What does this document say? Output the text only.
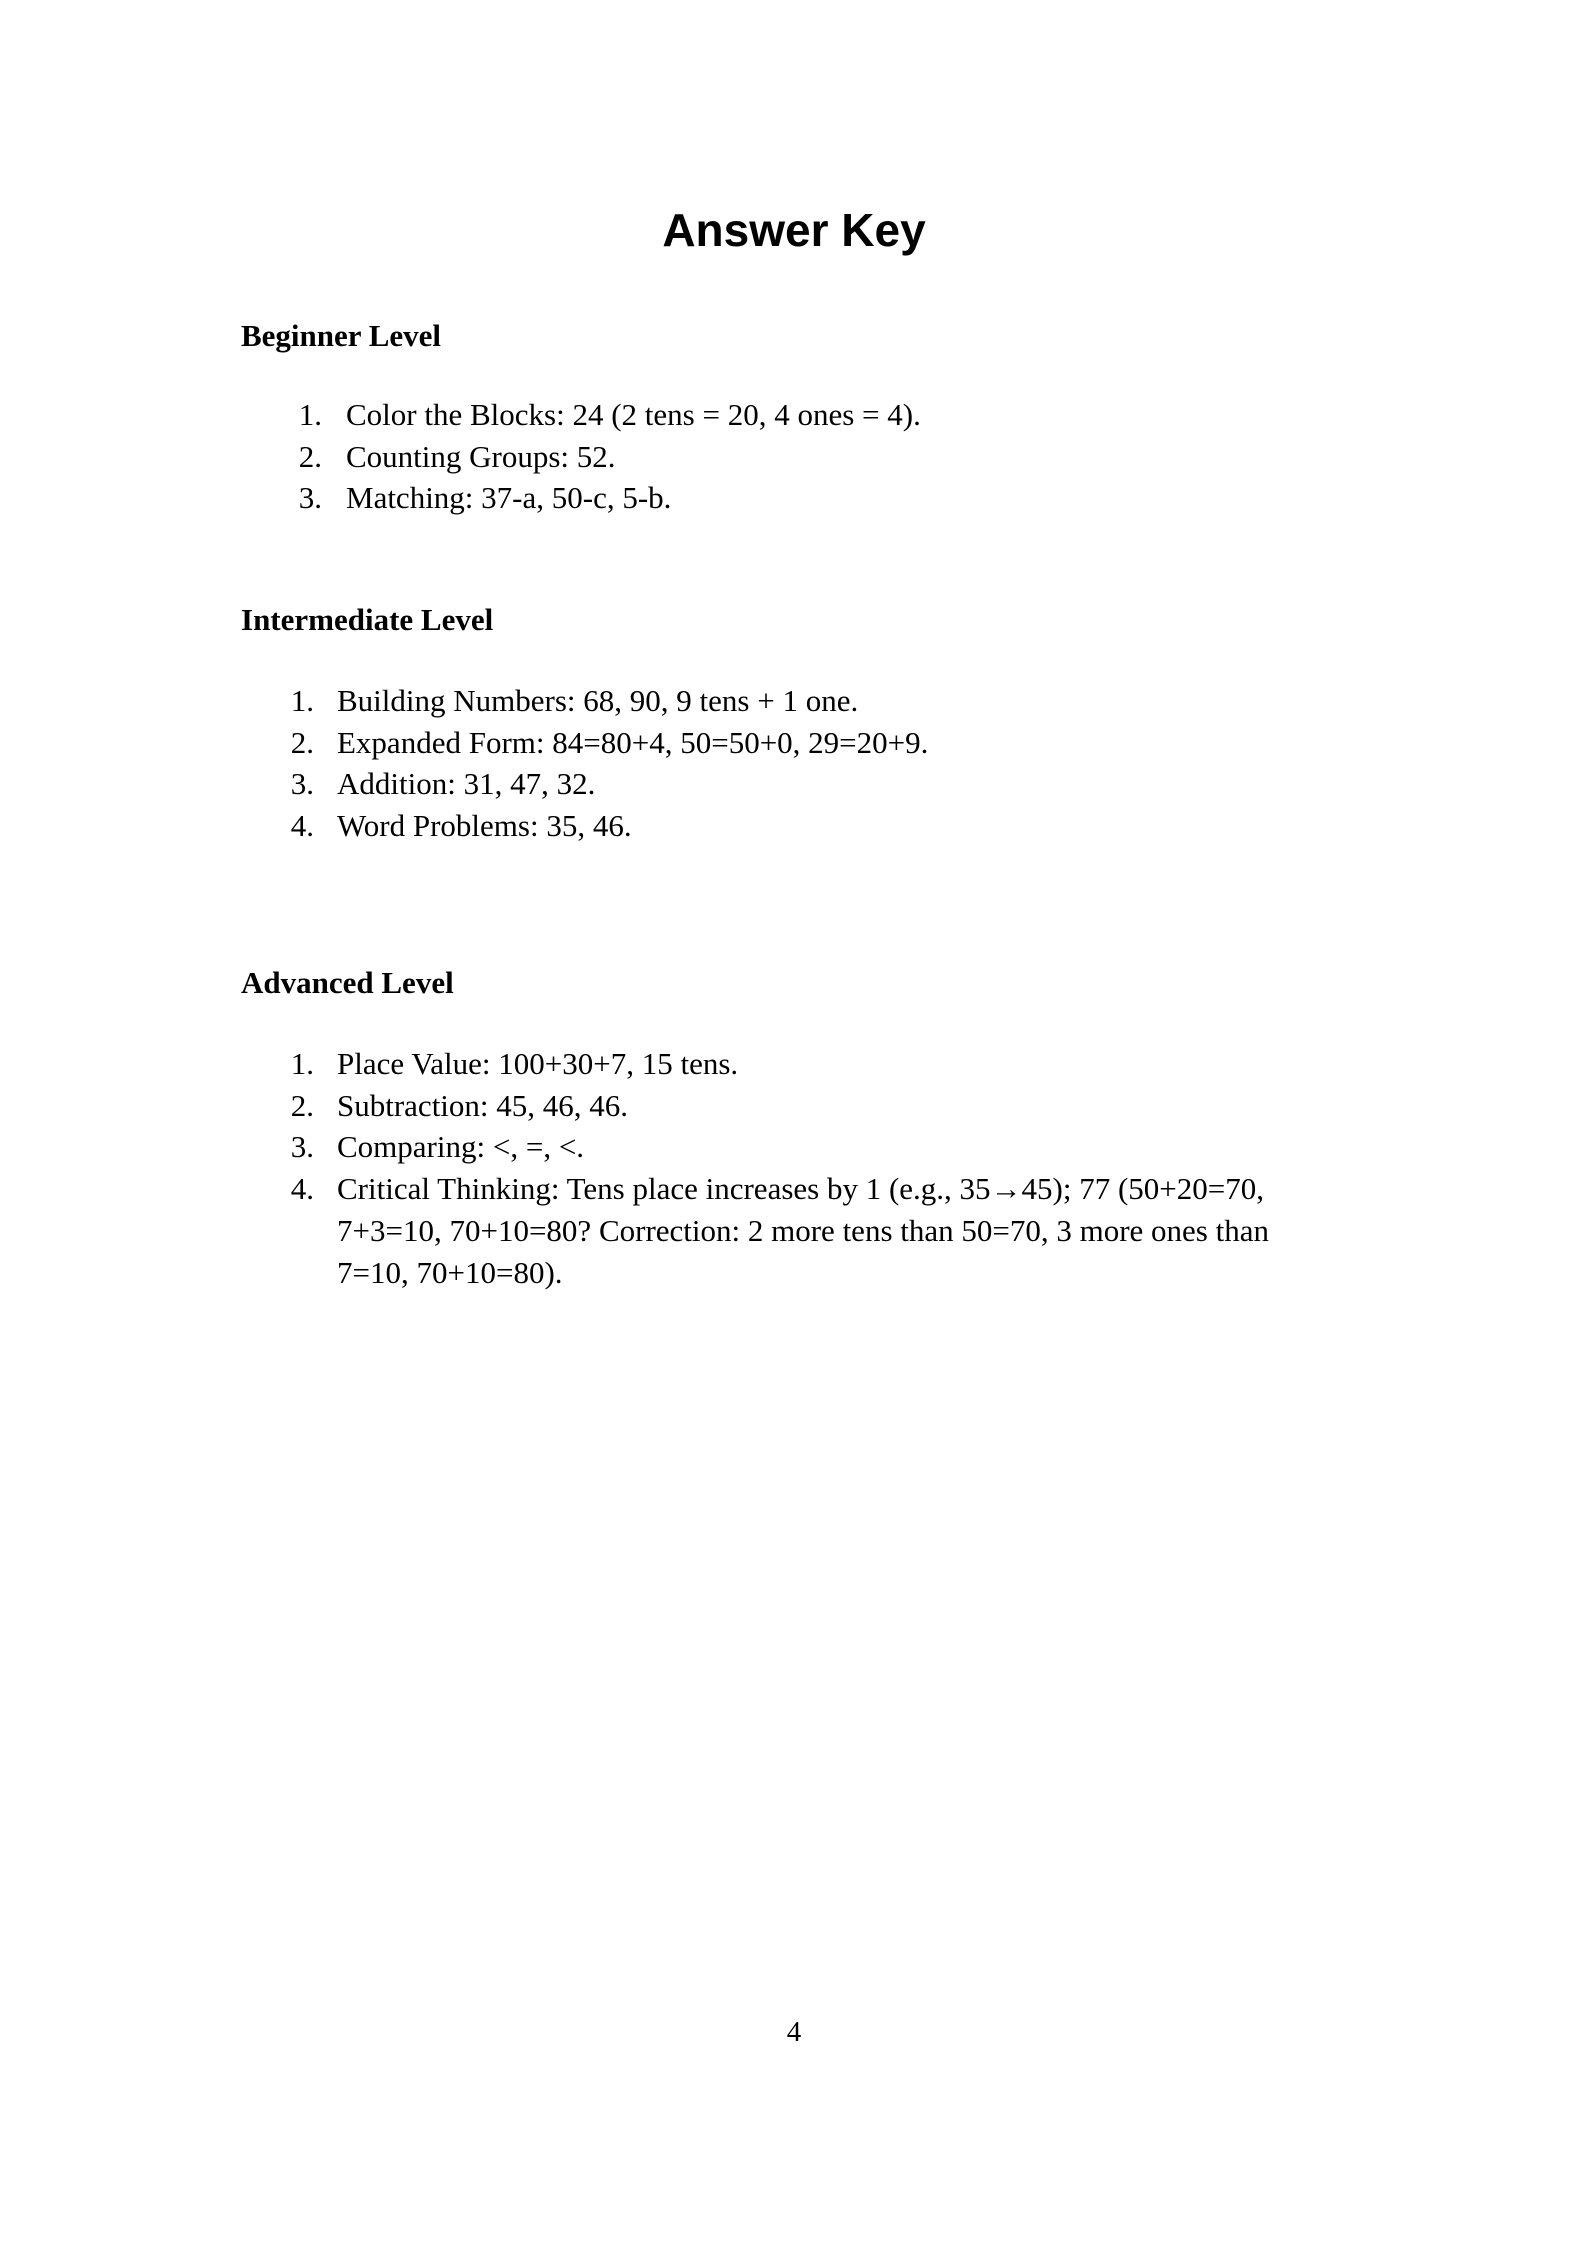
Answer Key
Beginner Level
1. Color the Blocks: 24 (2 tens = 20, 4 ones = 4).
2. Counting Groups: 52.
3. Matching: 37-a, 50-c, 5-b.
Intermediate Level
1. Building Numbers: 68, 90, 9 tens + 1 one.
2. Expanded Form: 84=80+4, 50=50+0, 29=20+9.
3. Addition: 31, 47, 32.
4. Word Problems: 35, 46.
Advanced Level
1. Place Value: 100+30+7, 15 tens.
2. Subtraction: 45, 46, 46.
3. Comparing: <, =, <.
4. Critical Thinking: Tens place increases by 1 (e.g., 35→45); 77 (50+20=70, 7+3=10, 70+10=80? Correction: 2 more tens than 50=70, 3 more ones than 7=10, 70+10=80).
4
